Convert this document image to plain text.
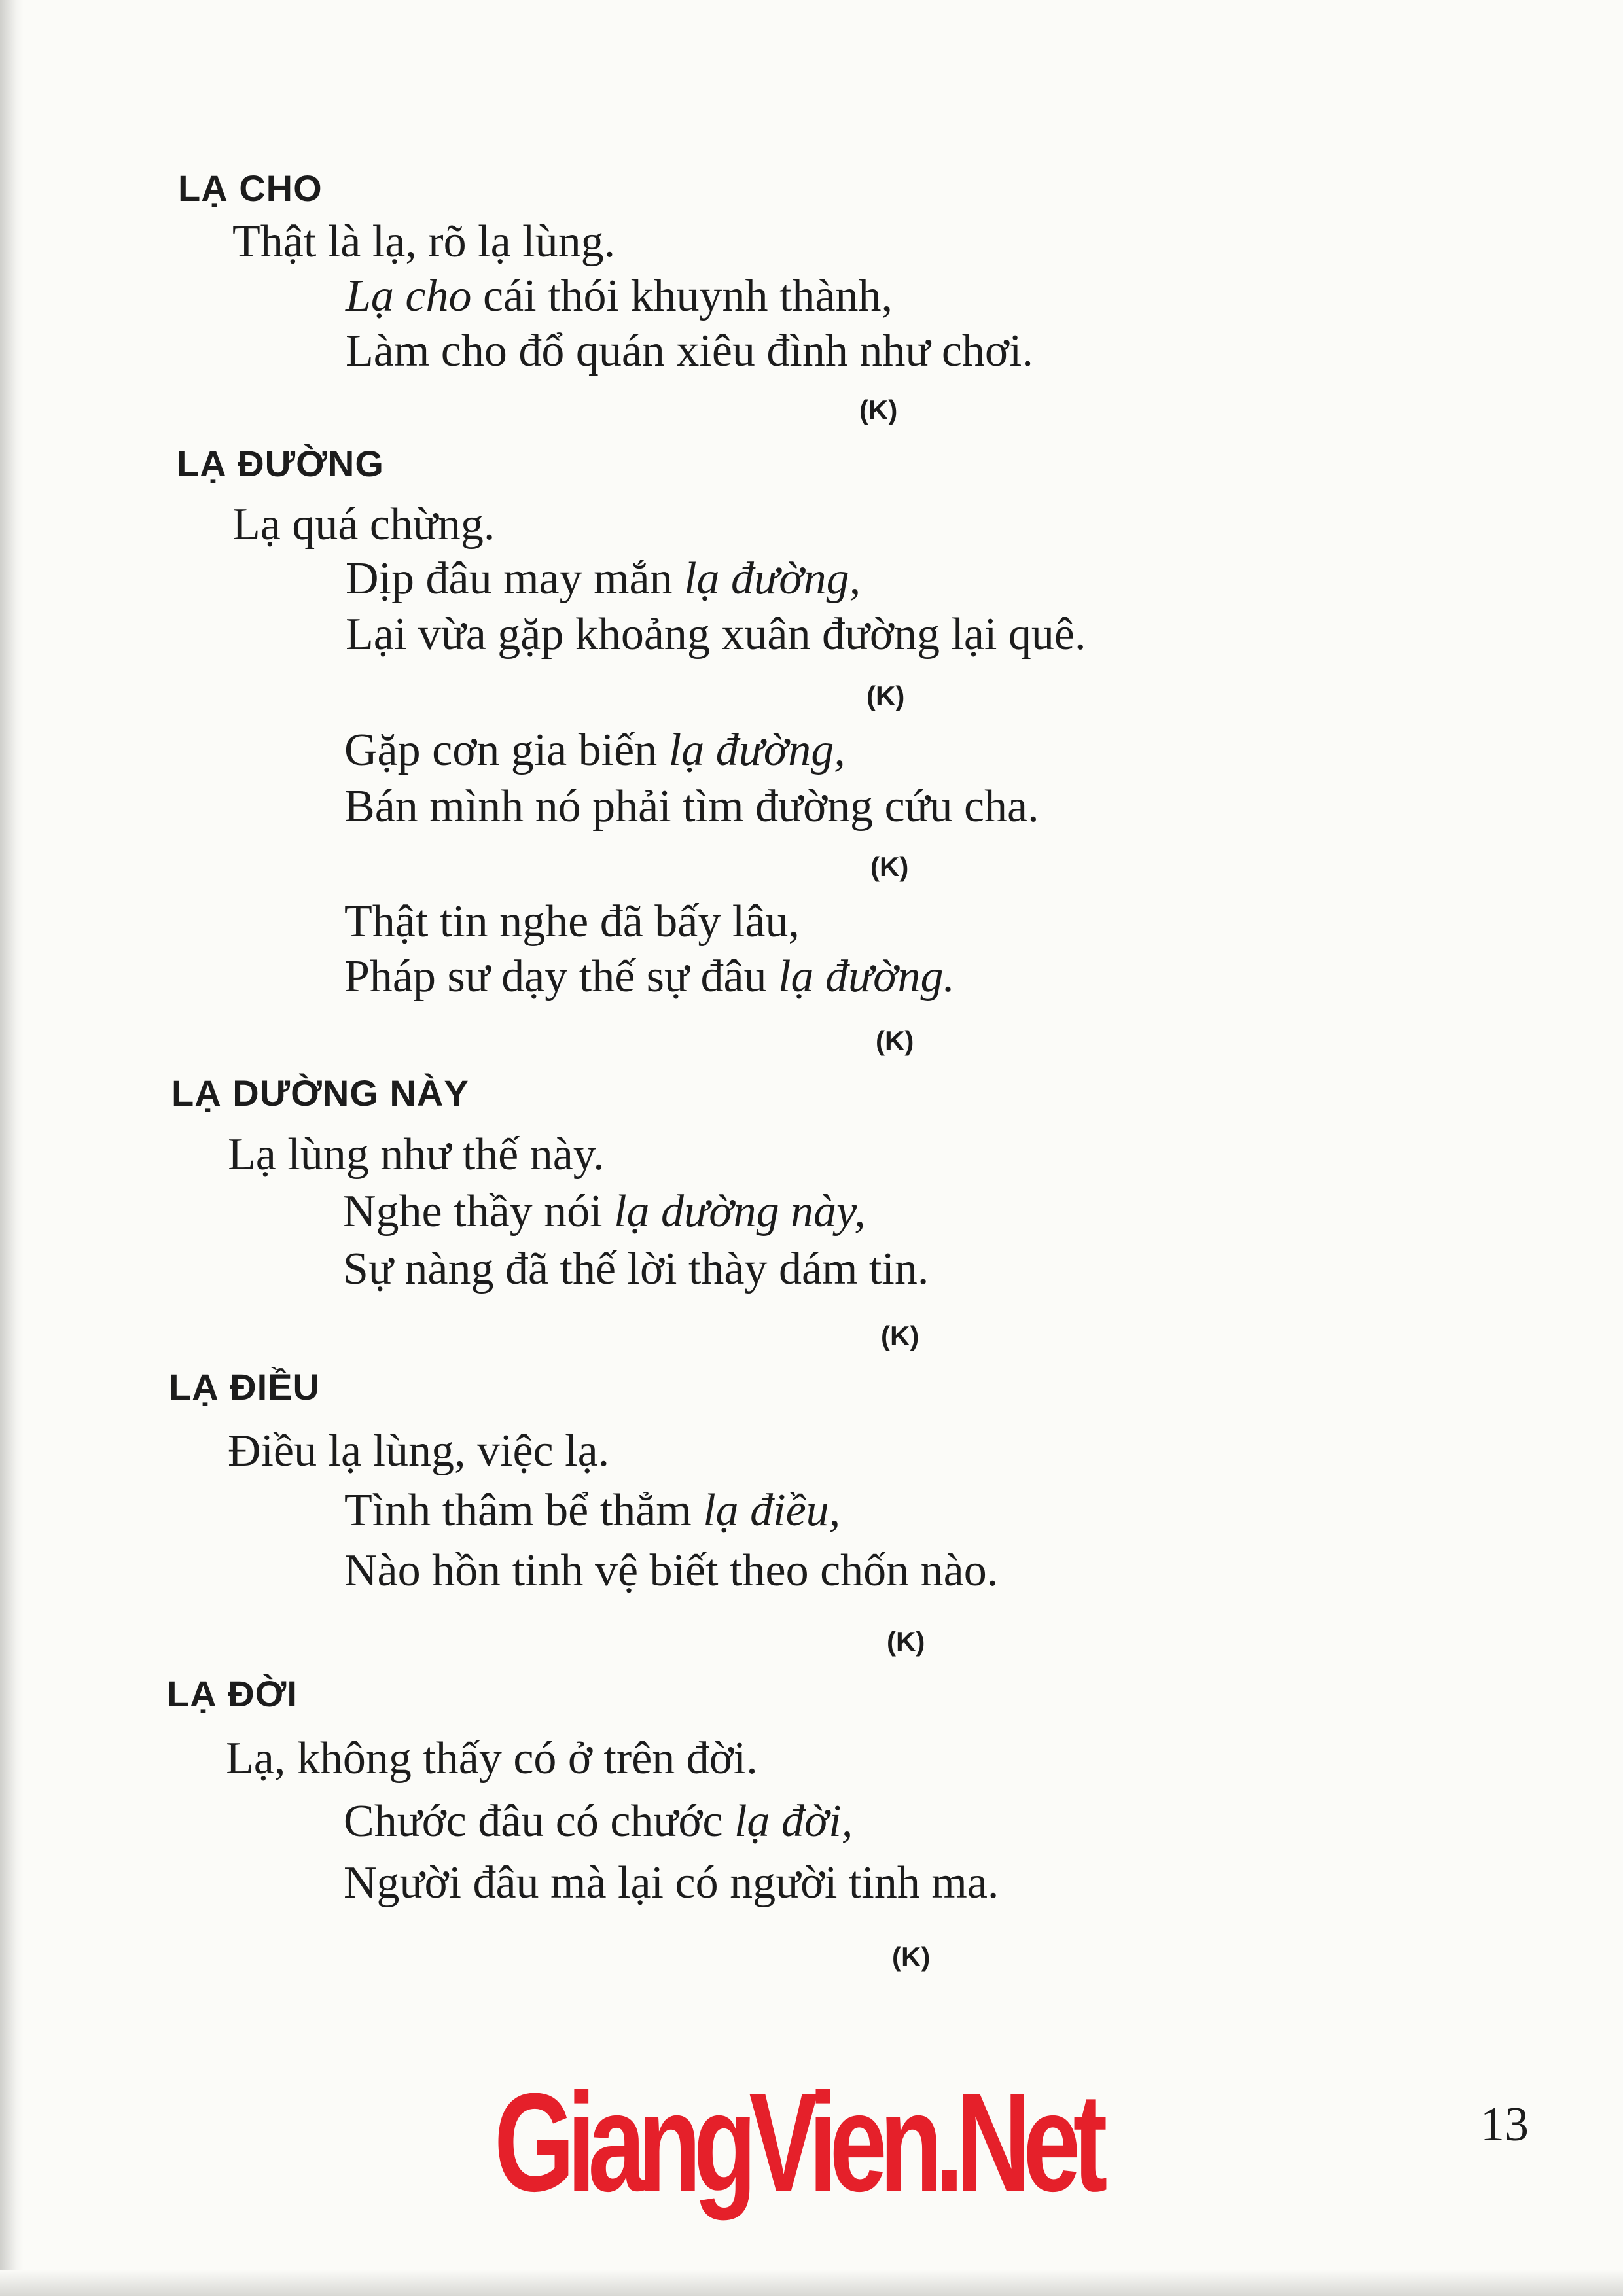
LẠ CHO
Thật là lạ, rõ lạ lùng.
Lạ cho cái thói khuynh thành,
Làm cho đổ quán xiêu đình như chơi.
(K)
LẠ ĐƯỜNG
Lạ quá chừng.
Dịp đâu may mắn lạ đường,
Lại vừa gặp khoảng xuân đường lại quê.
(K)
Gặp cơn gia biến lạ đường,
Bán mình nó phải tìm đường cứu cha.
(K)
Thật tin nghe đã bấy lâu,
Pháp sư dạy thế sự đâu lạ đường.
(K)
LẠ DƯỜNG NÀY
Lạ lùng như thế này.
Nghe thầy nói lạ dường này,
Sự nàng đã thế lời thày dám tin.
(K)
LẠ ĐIỀU
Điều lạ lùng, việc lạ.
Tình thâm bể thẳm lạ điều,
Nào hồn tinh vệ biết theo chốn nào.
(K)
LẠ ĐỜI
Lạ, không thấy có ở trên đời.
Chước đâu có chước lạ đời,
Người đâu mà lại có người tinh ma.
(K)
GiangVien.Net	13
